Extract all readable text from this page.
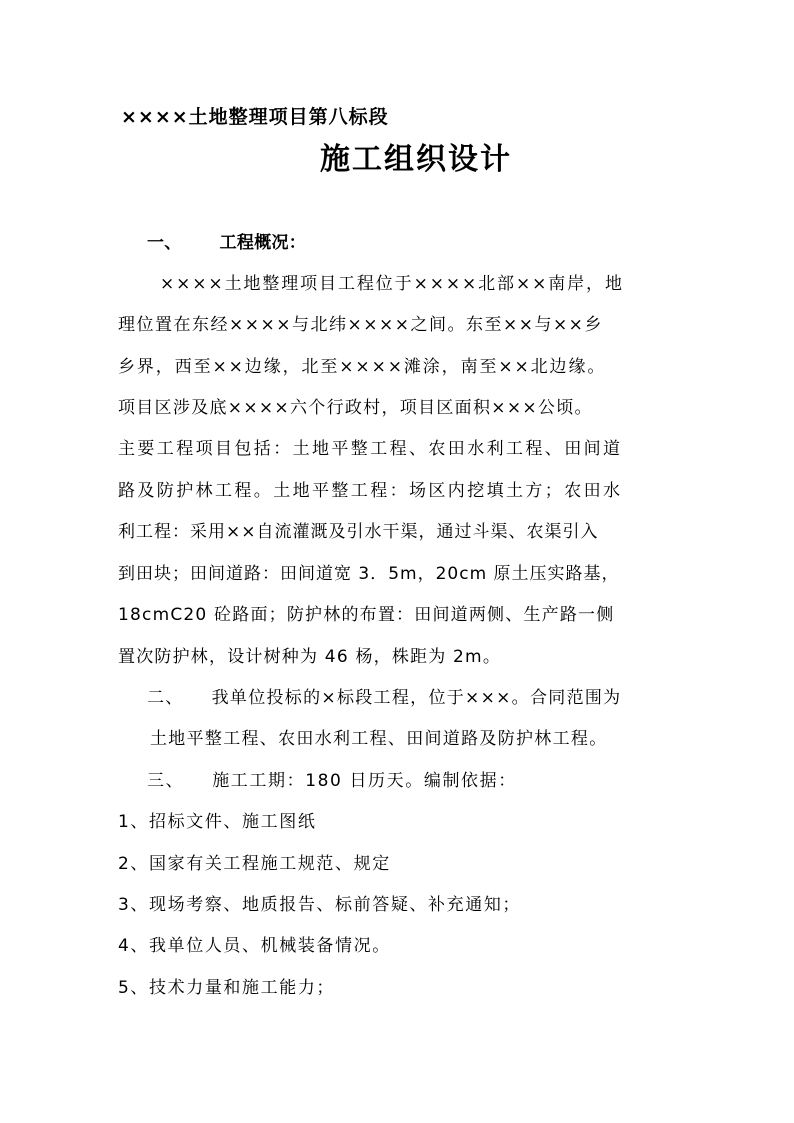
××××土地整理项目第八标段
施工组织设计
一、 工程概况：
××××土地整理项目工程位于××××北部××南岸，地
理位置在东经××××与北纬××××之间。东至××与××乡
乡界，西至××边缘，北至××××滩涂，南至××北边缘。
项目区涉及底××××六个行政村，项目区面积×××公顷。
主要工程项目包括：土地平整工程、农田水利工程、田间道
路及防护林工程。土地平整工程：场区内挖填土方；农田水
利工程：采用××自流灌溉及引水干渠，通过斗渠、农渠引入
到田块；田间道路：田间道宽 3．5m，20cm 原土压实路基，
18cmC20 砼路面；防护林的布置：田间道两侧、生产路一侧
置次防护林，设计树种为 46 杨，株距为 2m。
二、 我单位投标的×标段工程，位于×××。合同范围为
土地平整工程、农田水利工程、田间道路及防护林工程。
三、 施工工期：180 日历天。编制依据：
1、招标文件、施工图纸
2、国家有关工程施工规范、规定
3、现场考察、地质报告、标前答疑、补充通知；
4、我单位人员、机械装备情况。
5、技术力量和施工能力；
